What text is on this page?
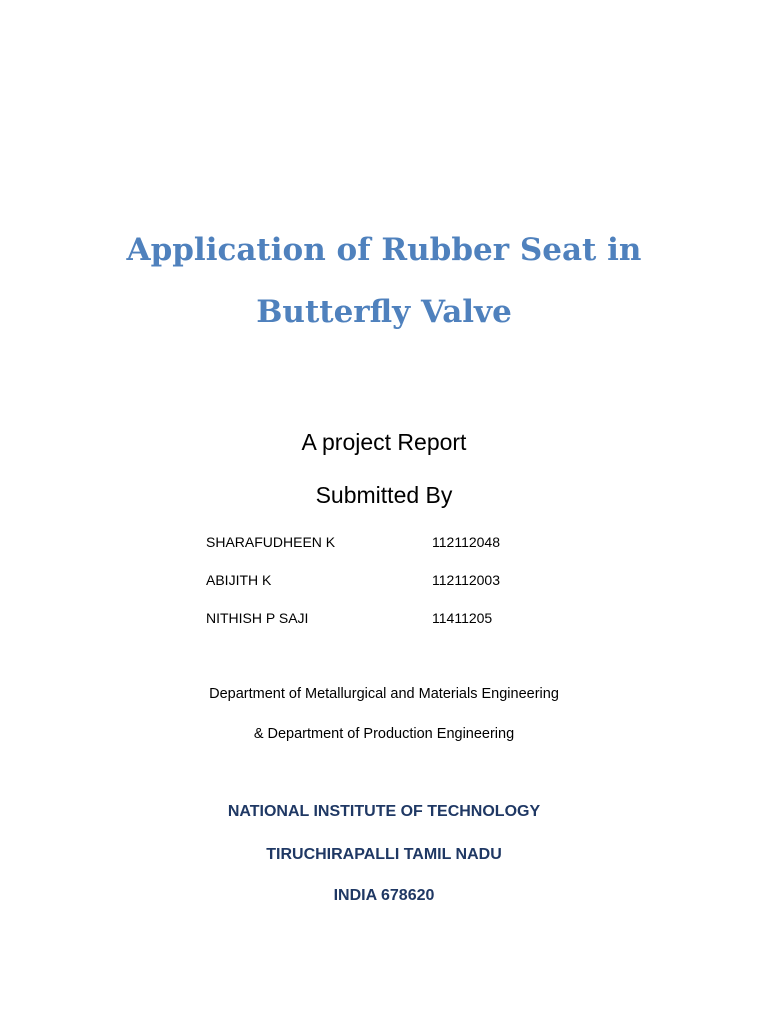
Application of Rubber Seat in
Butterfly Valve
A project Report
Submitted By
SHARAFUDHEEN K	112112048
ABIJITH K	112112003
NITHISH P SAJI	11411205
Department of Metallurgical and Materials Engineering
& Department of Production Engineering
NATIONAL INSTITUTE OF TECHNOLOGY
TIRUCHIRAPALLI TAMIL NADU
INDIA 678620
